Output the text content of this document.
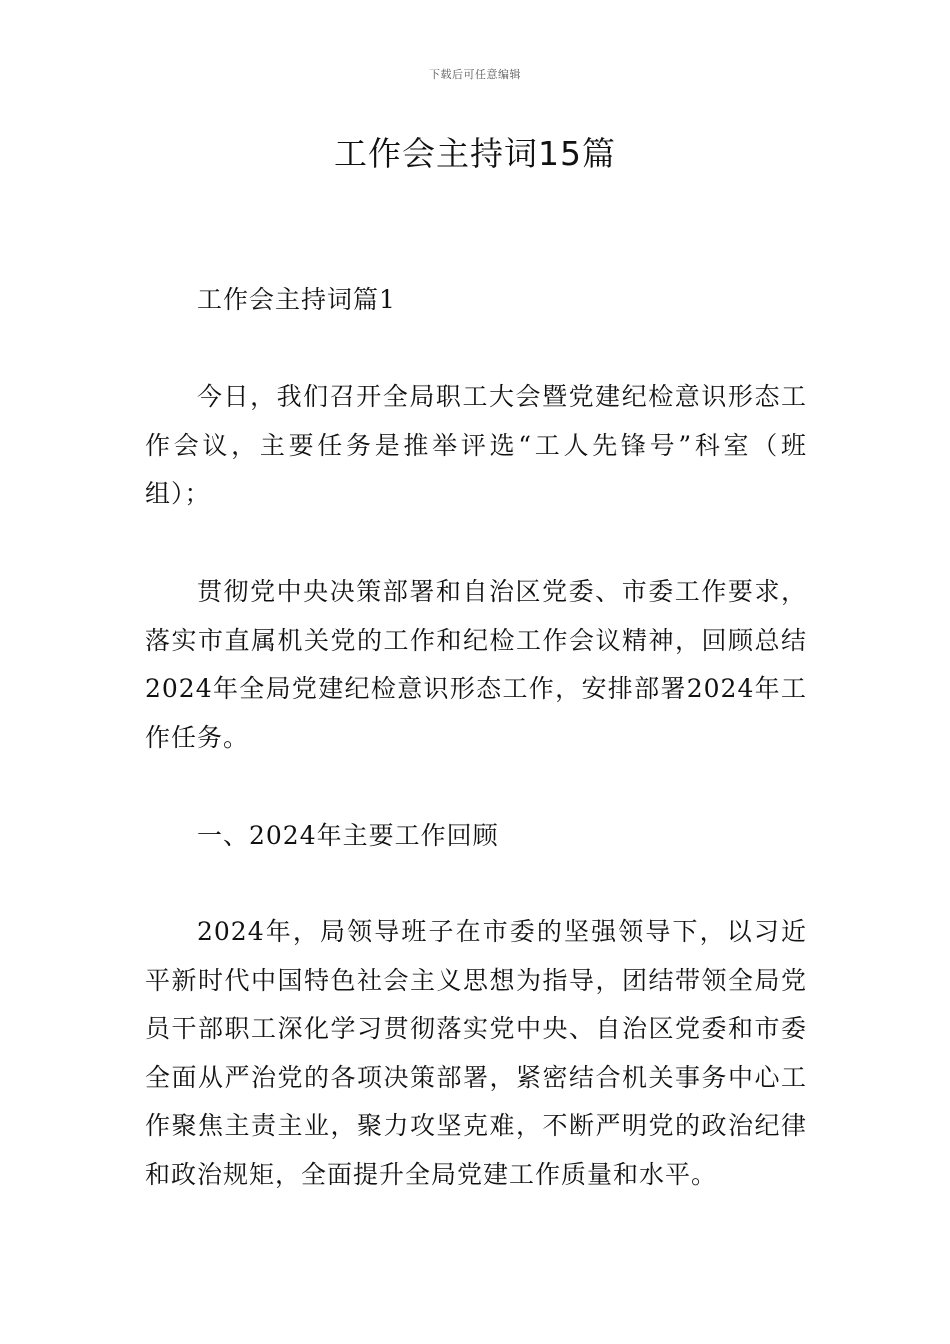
下载后可任意编辑
工作会主持词15篇

工作会主持词篇1

今日，我们召开全局职工大会暨党建纪检意识形态工作会议，主要任务是推举评选“工人先锋号”科室（班组）；

贯彻党中央决策部署和自治区党委、市委工作要求，落实市直属机关党的工作和纪检工作会议精神，回顾总结2024年全局党建纪检意识形态工作，安排部署2024年工作任务。

一、2024年主要工作回顾

2024年，局领导班子在市委的坚强领导下，以习近平新时代中国特色社会主义思想为指导，团结带领全局党员干部职工深化学习贯彻落实党中央、自治区党委和市委全面从严治党的各项决策部署，紧密结合机关事务中心工作聚焦主责主业，聚力攻坚克难，不断严明党的政治纪律和政治规矩，全面提升全局党建工作质量和水平。
